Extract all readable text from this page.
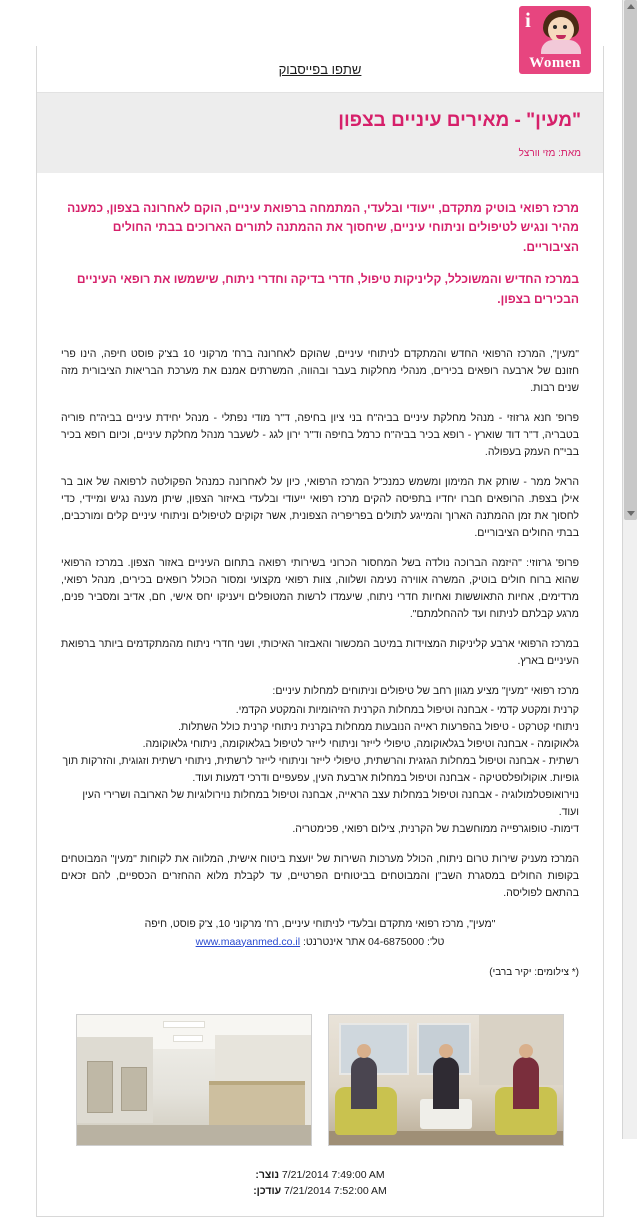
i
Women
שתפו בפייסבוק
"מעין" - מאירים עיניים בצפון
מאת: מזי וורצל

מרכז רפואי בוטיק מתקדם, ייעודי ובלעדי, המתמחה ברפואת עיניים, הוקם לאחרונה בצפון, כמענה מהיר ונגיש לטיפולים וניתוחי עיניים, שיחסוך את ההמתנה לתורים הארוכים בבתי החולים הציבוריים.

במרכז החדיש והמשוכלל, קליניקות טיפול, חדרי בדיקה וחדרי ניתוח, שישמשו את רופאי העיניים הבכירים בצפון.

"מעין", המרכז הרפואי החדש והמתקדם לניתוחי עיניים, שהוקם לאחרונה ברח' מרקוני 10 בצ'ק פוסט חיפה, הינו פרי חזונם של ארבעה רופאים בכירים, מנהלי מחלקות בעבר ובהווה, המשרתים אמנם את מערכת הבריאות הציבורית מזה שנים רבות.

פרופ' חנא גרזוזי - מנהל מחלקת עיניים בביה"ח בני ציון בחיפה, ד"ר מודי נפתלי - מנהל יחידת עיניים בביה"ח פוריה בטבריה, ד"ר דוד שוארץ - רופא בכיר בביה"ח כרמל בחיפה וד"ר ירון לגג - לשעבר מנהל מחלקת עיניים, וכיום רופא בכיר בבי"ח העמק בעפולה.

הראל ממר - שותק את המימון ומשמש כמנכ"ל המרכז הרפואי, כיון על לאחרונה כמנהל הפקולטה לרפואה של אוב בר אילן בצפת. הרופאים חברו יחדיו בתפיסה להקים מרכז רפואי ייעודי ובלעדי באיזור הצפון, שיתן מענה נגיש ומיידי, כדי לחסוך את זמן ההמתנה הארוך והמייגע לתולים בפריפריה הצפונית, אשר זקוקים לטיפולים וניתוחי עיניים קלים ומורכבים, בבתי החולים הציבוריים.

פרופ' גרזוזי: "היזמה הברוכה נולדה בשל המחסור הכרוני בשירותי רפואה בתחום העיניים באזור הצפון. במרכז הרפואי שהוא ברוח חולים בוטיק, המשרה אווירה נעימה ושלווה, צוות רפואי מקצועי ומסור הכולל רופאים בכירים, מנהל רפואי, מרדימים, אחיות התאוששות ואחיות חדרי ניתוח, שיעמדו לרשות המטופלים ויעניקו יחס אישי, חם, אדיב ומסביר פנים, מרגע קבלתם לניתוח ועד לההחלמתם".

במרכז הרפואי ארבע קליניקות המצוידות במיטב המכשור והאבזור האיכותי, ושני חדרי ניתוח מהמתקדמים ביותר ברפואת העיניים בארץ.

מרכז רפואי "מעין" מציע מגוון רחב של טיפולים וניתוחים למחלות עיניים:

קרנית ומקטע קדמי - אבחנה וטיפול במחלות הקרנית הזיהומיות והמקטע הקדמי.
ניתוחי קטרקט - טיפול בהפרעות ראייה הנובעות ממחלות בקרנית ניתוחי קרנית כולל השתלות.
גלאוקומה - אבחנה וטיפול בגלאוקומה, טיפולי לייזר וניתוחי לייזר לטיפול בגלאוקומה, ניתוחי גלאוקומה.
רשתית - אבחנה וטיפול במחלות הגזגית והרשתית, טיפולי לייזר וניתוחי לייזר לרשתית, ניתוחי רשתית וזגוגית, והזרקות תוך גופיות. אוקולופלסטיקה - אבחנה וטיפול במחלות ארבעת העין, עפעפיים ודרכי דמעות ועוד.
נוירואופטלמולוגיה - אבחנה וטיפול במחלות עצב הראייה, אבחנה וטיפול במחלות נוירולוגיות של הארובה ושרירי העין ועוד.
דימות- טופוגרפייה ממוחשבת של הקרנית, צילום רפואי, פכימטריה.

המרכז מעניק שירות טרום ניתוח, הכולל מערכות השירות של יועצת ביטוח אישית, המלווה את לקוחות "מעין" המבוטחים בקופות החולים במסגרת השב"ן והמבוטחים בביטוחים הפרטיים, עד לקבלת מלוא ההחזרים הכספיים, להם זכאים בהתאם לפוליסה.

"מעין", מרכז רפואי מתקדם ובלעדי לניתוחי עיניים, רח' מרקוני 10, צ'ק פוסט, חיפה
טל': 04-6875000 אתר אינטרנט: www.maayanmed.co.il
(* צילומים: יקיר ברבי)
7/21/2014 7:49:00 AM נוצר:
7/21/2014 7:52:00 AM עודכן:
